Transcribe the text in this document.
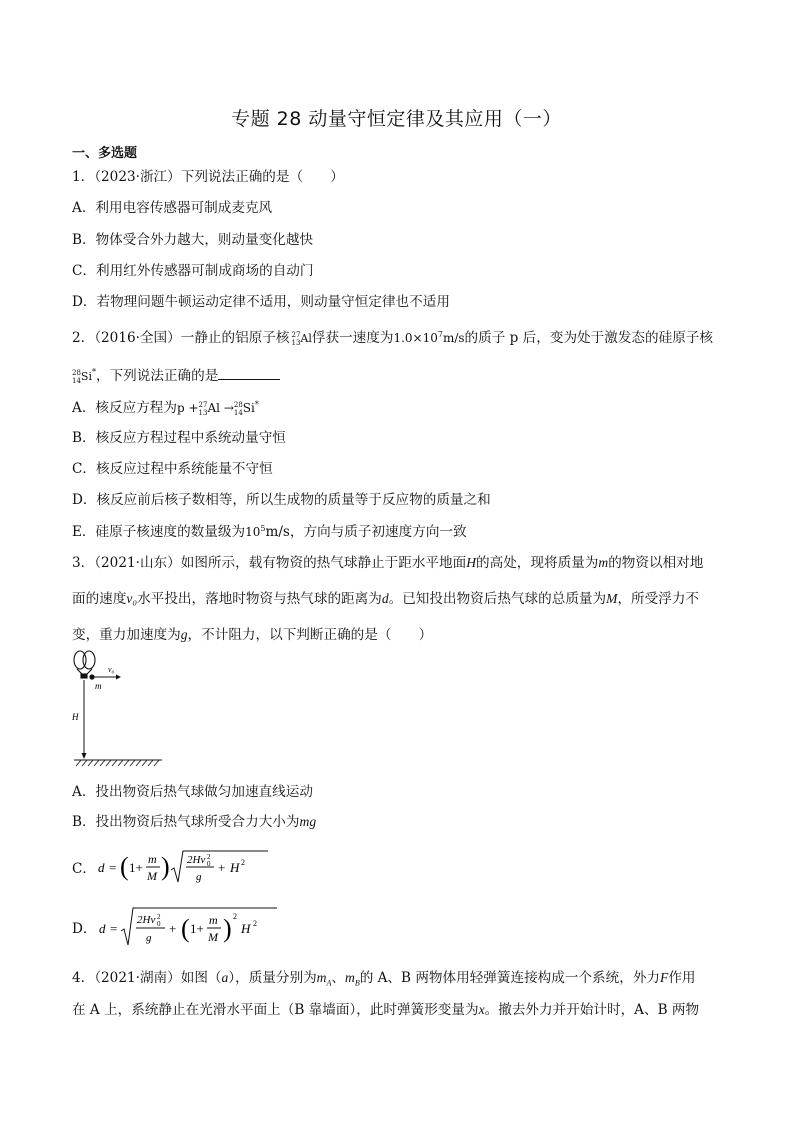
专题 28 动量守恒定律及其应用（一）
一、多选题
1．（2023·浙江）下列说法正确的是（　　）
A．利用电容传感器可制成麦克风
B．物体受合外力越大，则动量变化越快
C．利用红外传感器可制成商场的自动门
D．若物理问题牛顿运动定律不适用，则动量守恒定律也不适用
2．（2016·全国）一静止的铝原子核 27
13 Al俘获一速度为$1.0\times 10^7m/s$的质子 p 后，变为处于激发态的硅原子核
28
14 Si*，下列说法正确的是
A．核反应方程为p + 27
13 Al → 28
14 Si*
B．核反应方程过程中系统动量守恒
C．核反应过程中系统能量不守恒
D．核反应前后核子数相等，所以生成物的质量等于反应物的质量之和
E．硅原子核速度的数量级为$10^5m/s$，方向与质子初速度方向一致
3．（2021·山东）如图所示，载有物资的热气球静止于距水平地面H的高处，现将质量为m的物资以相对地
面的速度v₀水平投出，落地时物资与热气球的距离为d。已知投出物资后热气球的总质量为M，所受浮力不
变，重力加速度为g，不计阻力，以下判断正确的是（　　）
v₀
m
H
A．投出物资后热气球做匀加速直线运动
B．投出物资后热气球所受合力大小为mg
C． d = ( 1+
m
M ) 2Hv 2
0
g
+ H 2
D． d =
2Hv 2
0
g
+ ( 1+
m
M ) 2
H 2
4．（2021·湖南）如图（a），质量分别为$m_A$、$m_B$的 A、B 两物体用轻弹簧连接构成一个系统，外力F作用
在 A 上，系统静止在光滑水平面上（B 靠墙面），此时弹簧形变量为x。撤去外力并开始计时，A、B 两物
